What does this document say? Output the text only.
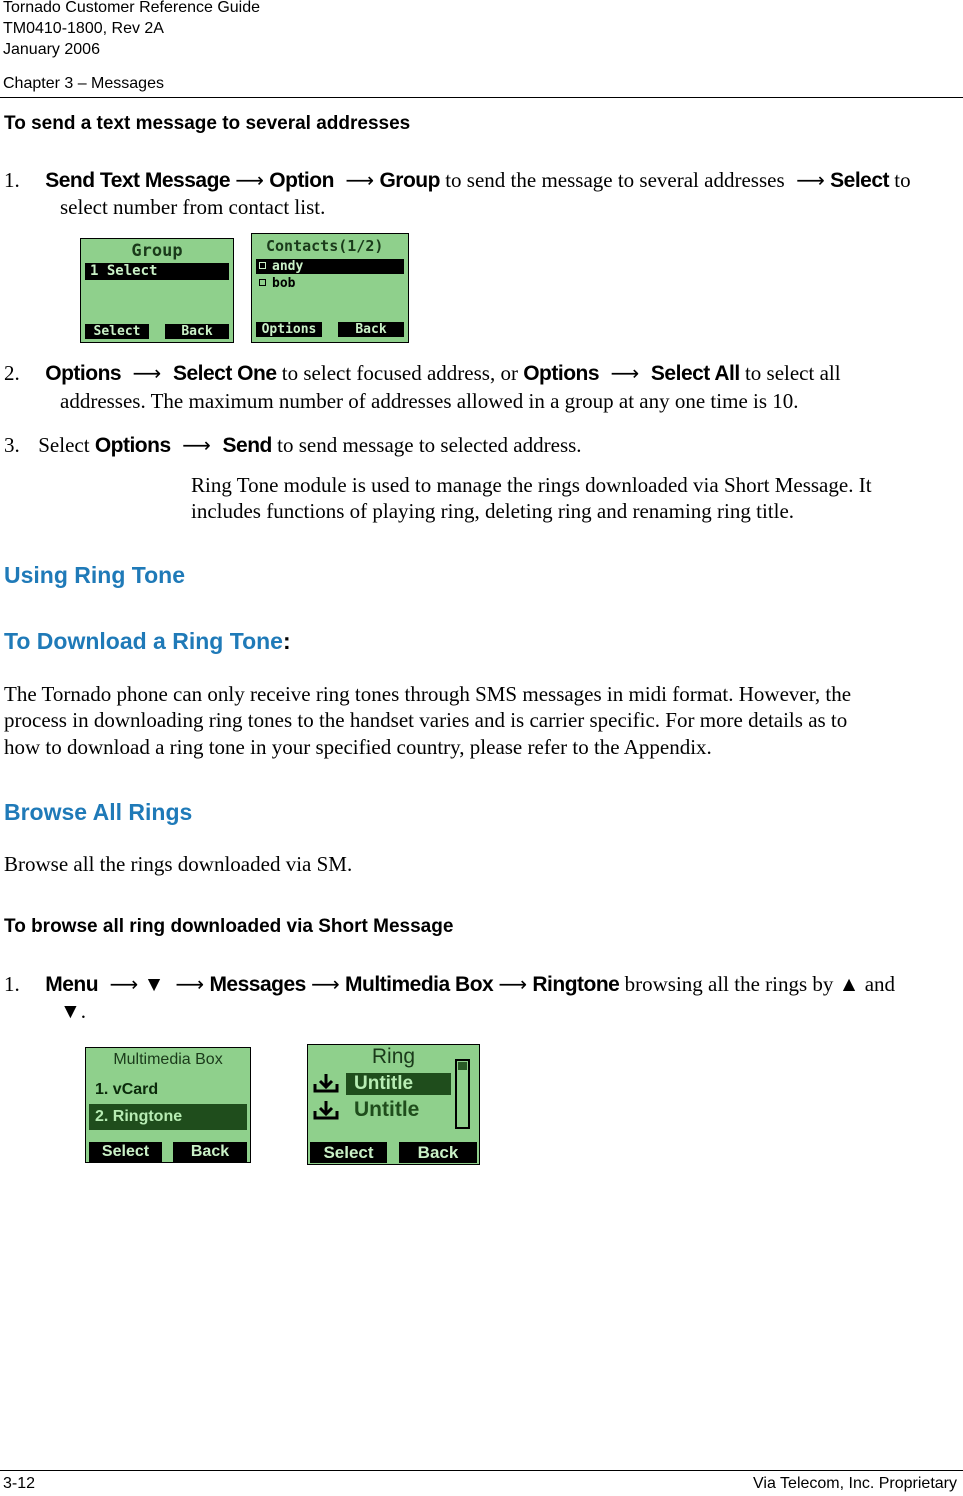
Tornado Customer Reference Guide
TM0410-1800, Rev 2A
January 2006
Chapter 3 – Messages
To send a text message to several addresses
1. Send Text Message ⟶ Option  ⟶ Group to send the message to several addresses  ⟶ Select to
select number from contact list.
Group
1 Select
Select	Back
Contacts(1/2)
andy
bob
Options	Back
2. Options  ⟶  Select One to select focused address, or Options  ⟶  Select All to select all
addresses. The maximum number of addresses allowed in a group at any one time is 10.
3. Select Options  ⟶  Send to send message to selected address.
Ring Tone module is used to manage the rings downloaded via Short Message. It
includes functions of playing ring, deleting ring and renaming ring title.
Using Ring Tone
To Download a Ring Tone:
The Tornado phone can only receive ring tones through SMS messages in midi format. However, the
process in downloading ring tones to the handset varies and is carrier specific. For more details as to
how to download a ring tone in your specified country, please refer to the Appendix.
Browse All Rings
Browse all the rings downloaded via SM.
To browse all ring downloaded via Short Message
1. Menu  ⟶ ▼  ⟶ Messages ⟶ Multimedia Box ⟶ Ringtone browsing all the rings by ▲ and
▼.
Multimedia Box
1. vCard
2. Ringtone
Select	Back
Ring
Untitle
Untitle
Select	Back
3-12	Via Telecom, Inc. Proprietary
